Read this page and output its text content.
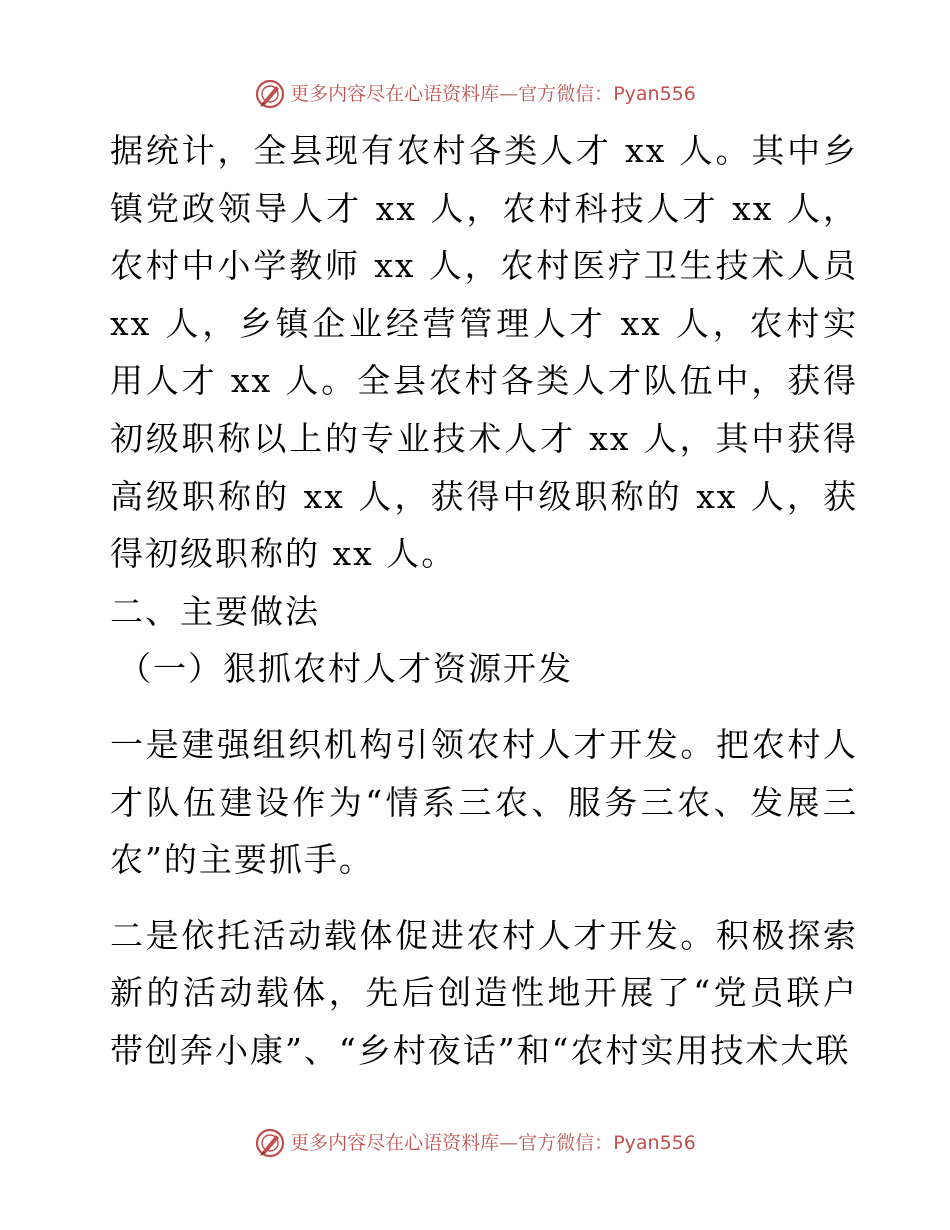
更多内容尽在心语资料库 — 官方微信： Pyan556

据统计，全县现有农村各类人才 xx 人。其中乡镇党政领导人才 xx 人，农村科技人才 xx 人，农村中小学教师 xx 人，农村医疗卫生技术人员 xx 人，乡镇企业经营管理人才 xx 人，农村实用人才 xx 人。全县农村各类人才队伍中，获得初级职称以上的专业技术人才 xx 人，其中获得高级职称的 xx 人，获得中级职称的 xx 人，获得初级职称的 xx 人。

二、主要做法

（一）狠抓农村人才资源开发

一是建强组织机构引领农村人才开发。把农村人才队伍建设作为“情系三农、服务三农、发展三农”的主要抓手。

二是依托活动载体促进农村人才开发。积极探索新的活动载体，先后创造性地开展了“党员联户带创奔小康”、“乡村夜话”和“农村实用技术大联

更多内容尽在心语资料库 — 官方微信： Pyan556
